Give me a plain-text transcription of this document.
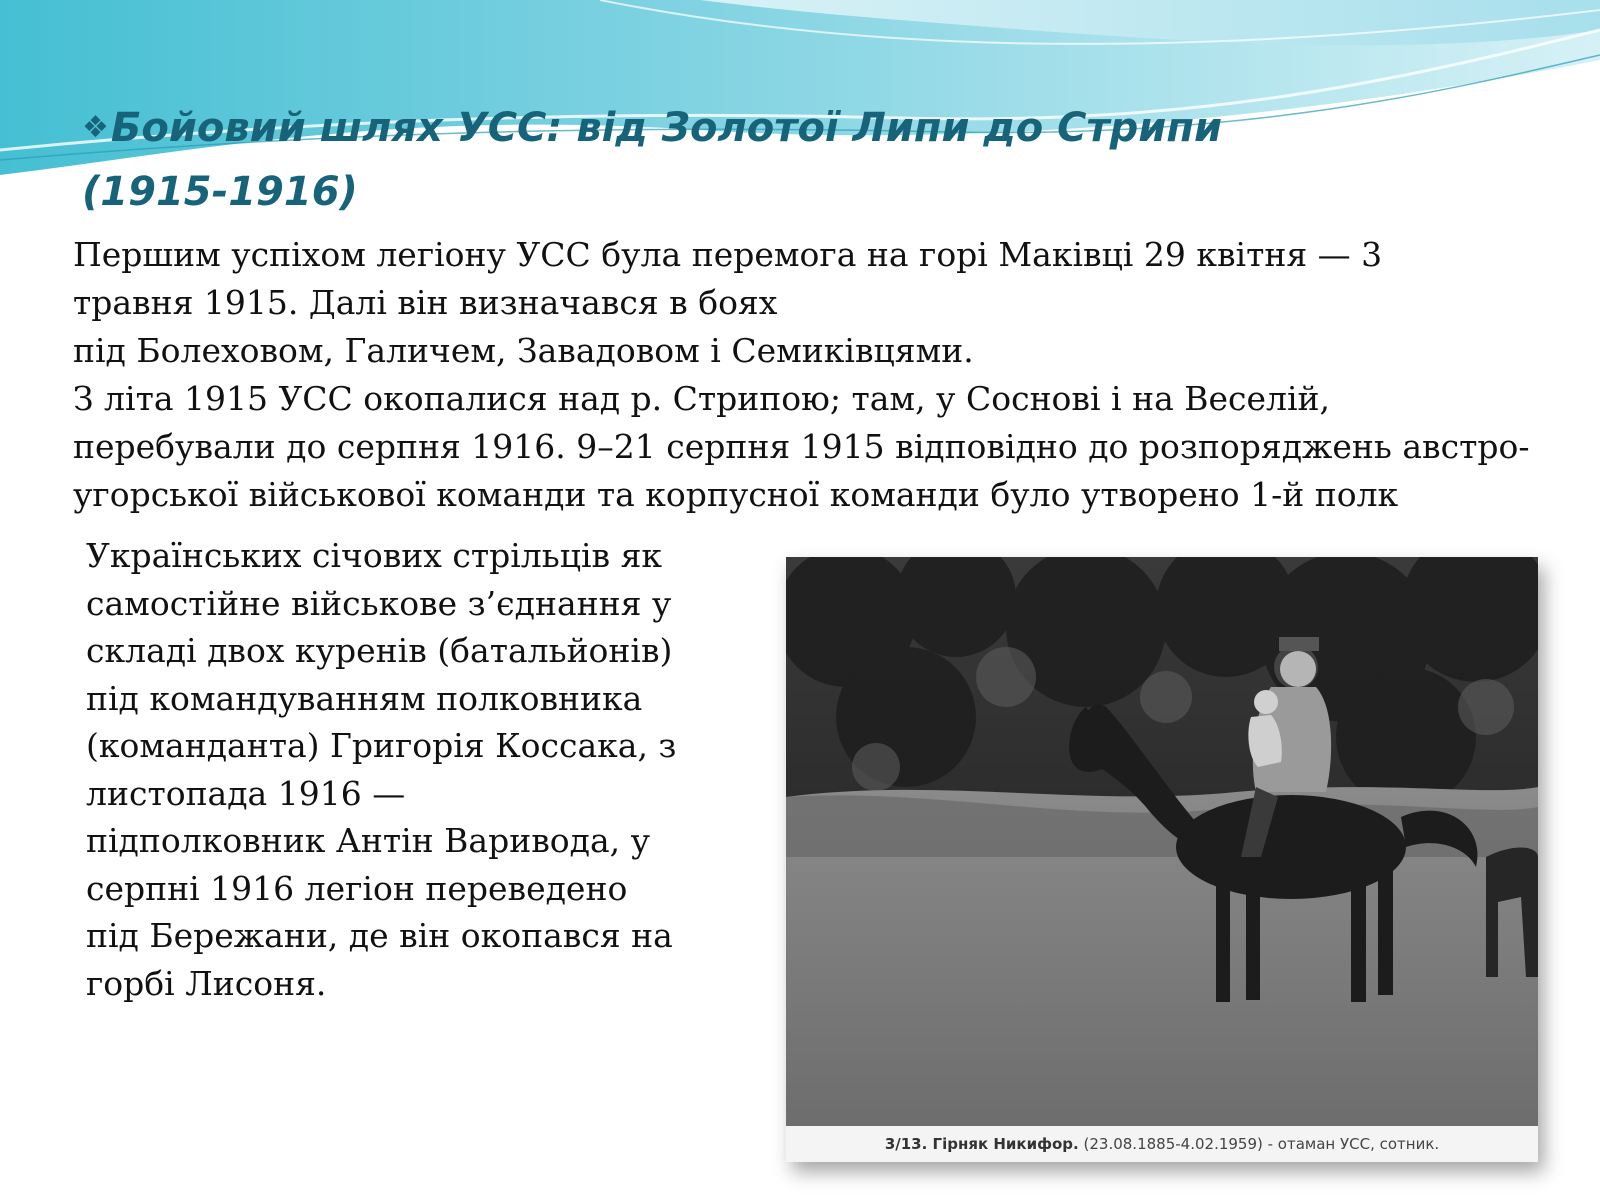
❖Бойовий шлях УСС: від Золотої Липи до Стрипи
(1915-1916)

Першим успіхом легіону УСС була перемога на горі Маківці 29 квітня — 3
травня 1915. Далі він визначався в боях
під Болеховом, Галичем, Завадовом і Семиківцями.
З літа 1915 УСС окопалися над р. Стрипою; там, у Соснові і на Веселій,
перебували до серпня 1916. 9–21 серпня 1915 відповідно до розпоряджень австро-
угорської військової команди та корпусної команди було утворено 1-й полк

Українських січових стрільців як
самостійне військове з’єднання у
складі двох куренів (батальйонів)
під командуванням полковника
(команданта) Григорія Коссака, з
листопада 1916 —
підполковник Антін Варивода, у
серпні 1916 легіон переведено
під Бережани, де він окопався на
горбі Лисоня.

3/13. Гірняк Никифор. (23.08.1885-4.02.1959) - отаман УСС, сотник.
